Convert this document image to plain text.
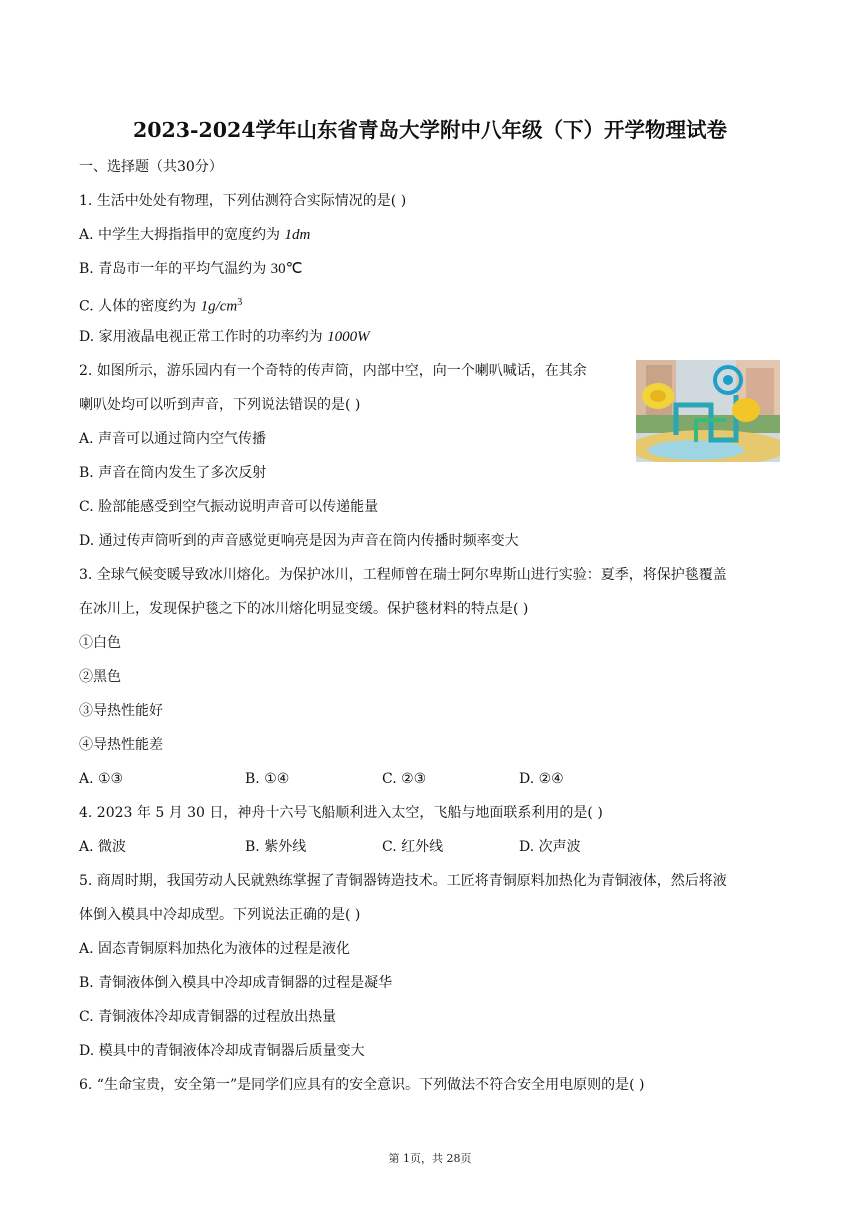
2023-2024学年山东省青岛大学附中八年级（下）开学物理试卷
一、选择题（共30分）
1. 生活中处处有物理，下列估测符合实际情况的是( )
A. 中学生大拇指指甲的宽度约为 1dm
B. 青岛市一年的平均气温约为 30℃
C. 人体的密度约为 $1g/cm^3$
D. 家用液晶电视正常工作时的功率约为 1000W
2. 如图所示，游乐园内有一个奇特的传声筒，内部中空，向一个喇叭喊话，在其余
喇叭处均可以听到声音，下列说法错误的是( )
A. 声音可以通过筒内空气传播
B. 声音在筒内发生了多次反射
C. 脸部能感受到空气振动说明声音可以传递能量
D. 通过传声筒听到的声音感觉更响亮是因为声音在筒内传播时频率变大
3. 全球气候变暖导致冰川熔化。为保护冰川，工程师曾在瑞士阿尔卑斯山进行实验：夏季，将保护毯覆盖
在冰川上，发现保护毯之下的冰川熔化明显变缓。保护毯材料的特点是( )
①白色
②黑色
③导热性能好
④导热性能差
A. ①③	B. ①④	C. ②③	D. ②④
4. 2023 年 5 月 30 日，神舟十六号飞船顺利进入太空，飞船与地面联系利用的是( )
A. 微波	B. 紫外线	C. 红外线	D. 次声波
5. 商周时期，我国劳动人民就熟练掌握了青铜器铸造技术。工匠将青铜原料加热化为青铜液体，然后将液
体倒入模具中冷却成型。下列说法正确的是( )
A. 固态青铜原料加热化为液体的过程是液化
B. 青铜液体倒入模具中冷却成青铜器的过程是凝华
C. 青铜液体冷却成青铜器的过程放出热量
D. 模具中的青铜液体冷却成青铜器后质量变大
6. “生命宝贵，安全第一”是同学们应具有的安全意识。下列做法不符合安全用电原则的是( )
第 1页，共 28页
